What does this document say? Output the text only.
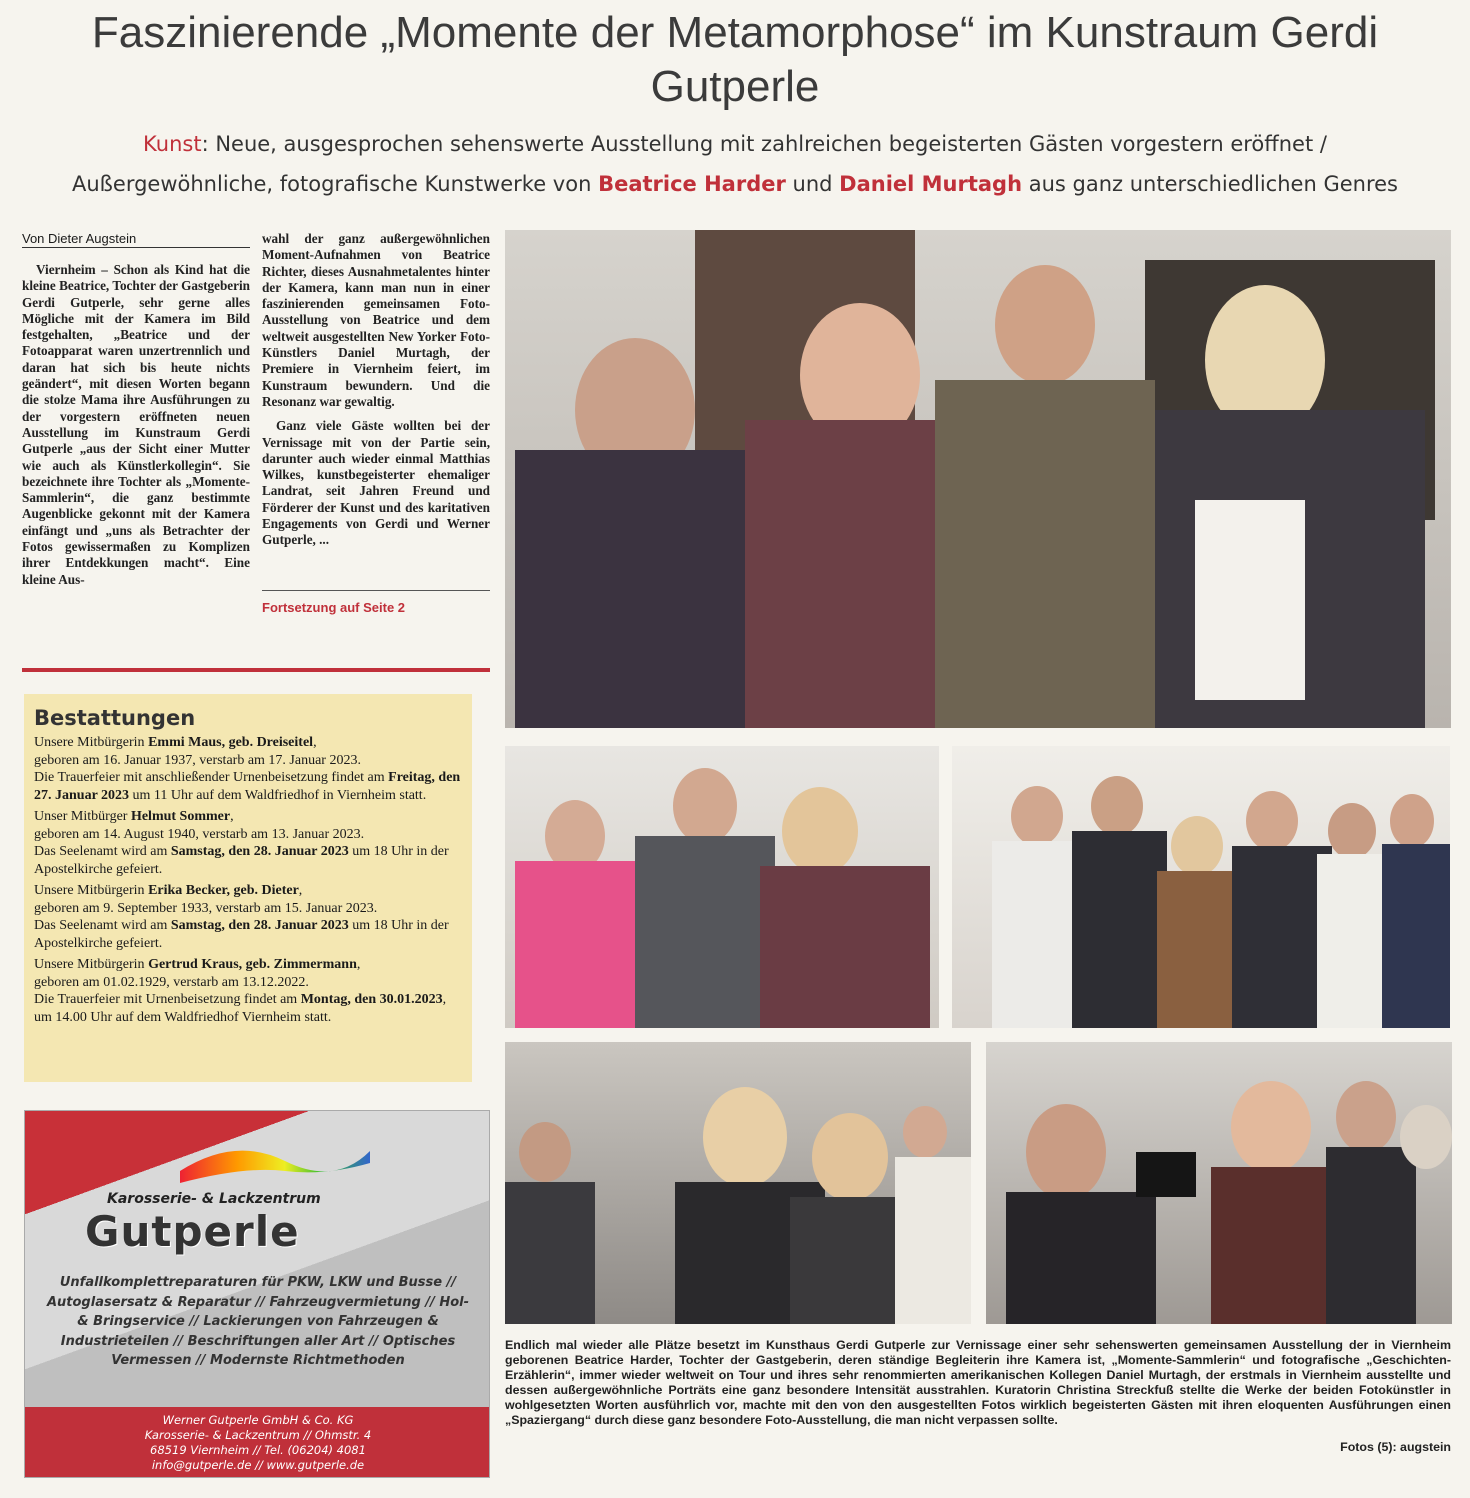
Faszinierende „Momente der Metamorphose“ im Kunstraum Gerdi Gutperle
Kunst: Neue, ausgesprochen sehenswerte Ausstellung mit zahlreichen begeisterten Gästen vorgestern eröffnet /
Außergewöhnliche, fotografische Kunstwerke von Beatrice Harder und Daniel Murtagh aus ganz unterschiedlichen Genres
Von Dieter Augstein
Viernheim – Schon als Kind hat die kleine Beatrice, Tochter der Gastgeberin Gerdi Gutperle, sehr gerne alles Mögliche mit der Kamera im Bild festgehalten, „Beatrice und der Fotoapparat waren unzertrennlich und daran hat sich bis heute nichts geändert“, mit diesen Worten begann die stolze Mama ihre Ausführungen zu der vorgestern eröffneten neuen Ausstellung im Kunstraum Gerdi Gutperle „aus der Sicht einer Mutter wie auch als Künstlerkollegin“. Sie bezeichnete ihre Tochter als „Momente-Sammlerin“, die ganz bestimmte Augenblicke gekonnt mit der Kamera einfängt und „uns als Betrachter der Fotos gewissermaßen zu Komplizen ihrer Entdekkungen macht“. Eine kleine Aus-

wahl der ganz außergewöhnlichen Moment-Aufnahmen von Beatrice Richter, dieses Ausnahmetalentes hinter der Kamera, kann man nun in einer faszinierenden gemeinsamen Foto-Ausstellung von Beatrice und dem weltweit ausgestellten New Yorker Foto-Künstlers Daniel Murtagh, der Premiere in Viernheim feiert, im Kunstraum bewundern. Und die Resonanz war gewaltig.

Ganz viele Gäste wollten bei der Vernissage mit von der Partie sein, darunter auch wieder einmal Matthias Wilkes, kunstbegeisterter ehemaliger Landrat, seit Jahren Freund und Förderer der Kunst und des karitativen Engagements von Gerdi und Werner Gutperle, ...

Fortsetzung auf Seite 2
Bestattungen

Unsere Mitbürgerin Emmi Maus, geb. Dreiseitel,
geboren am 16. Januar 1937, verstarb am 17. Januar 2023.
Die Trauerfeier mit anschließender Urnenbeisetzung findet am Freitag, den 27. Januar 2023 um 11 Uhr auf dem Waldfriedhof in Viernheim statt.

Unser Mitbürger Helmut Sommer,
geboren am 14. August 1940, verstarb am 13. Januar 2023.
Das Seelenamt wird am Samstag, den 28. Januar 2023 um 18 Uhr in der Apostelkirche gefeiert.

Unsere Mitbürgerin Erika Becker, geb. Dieter,
geboren am 9. September 1933, verstarb am 15. Januar 2023.
Das Seelenamt wird am Samstag, den 28. Januar 2023 um 18 Uhr in der Apostelkirche gefeiert.

Unsere Mitbürgerin Gertrud Kraus, geb. Zimmermann,
geboren am 01.02.1929, verstarb am 13.12.2022.
Die Trauerfeier mit Urnenbeisetzung findet am Montag, den 30.01.2023, um 14.00 Uhr auf dem Waldfriedhof Viernheim statt.

Karosserie- & Lackzentrum
Gutperle
Unfallkomplettreparaturen für PKW, LKW und Busse // Autoglasersatz & Reparatur // Fahrzeugvermietung // Hol- & Bringservice // Lackierungen von Fahrzeugen & Industrieteilen // Beschriftungen aller Art // Optisches Vermessen // Modernste Richtmethoden
Werner Gutperle GmbH & Co. KG
Karosserie- & Lackzentrum // Ohmstr. 4
68519 Viernheim // Tel. (06204) 4081
info@gutperle.de // www.gutperle.de
Endlich mal wieder alle Plätze besetzt im Kunsthaus Gerdi Gutperle zur Vernissage einer sehr sehenswerten gemeinsamen Ausstellung der in Viernheim geborenen Beatrice Harder, Tochter der Gastgeberin, deren ständige Begleiterin ihre Kamera ist, „Momente-Sammlerin“ und fotografische „Geschichten-Erzählerin“, immer wieder weltweit on Tour und ihres sehr renommierten amerikanischen Kollegen Daniel Murtagh, der erstmals in Viernheim ausstellte und dessen außergewöhnliche Porträts eine ganz besondere Intensität ausstrahlen. Kuratorin Christina Streckfuß stellte die Werke der beiden Fotokünstler in wohlgesetzten Worten ausführlich vor, machte mit den von den ausgestellten Fotos wirklich begeisterten Gästen mit ihren eloquenten Ausführungen einen „Spaziergang“ durch diese ganz besondere Foto-Ausstellung, die man nicht verpassen sollte.
Fotos (5): augstein
